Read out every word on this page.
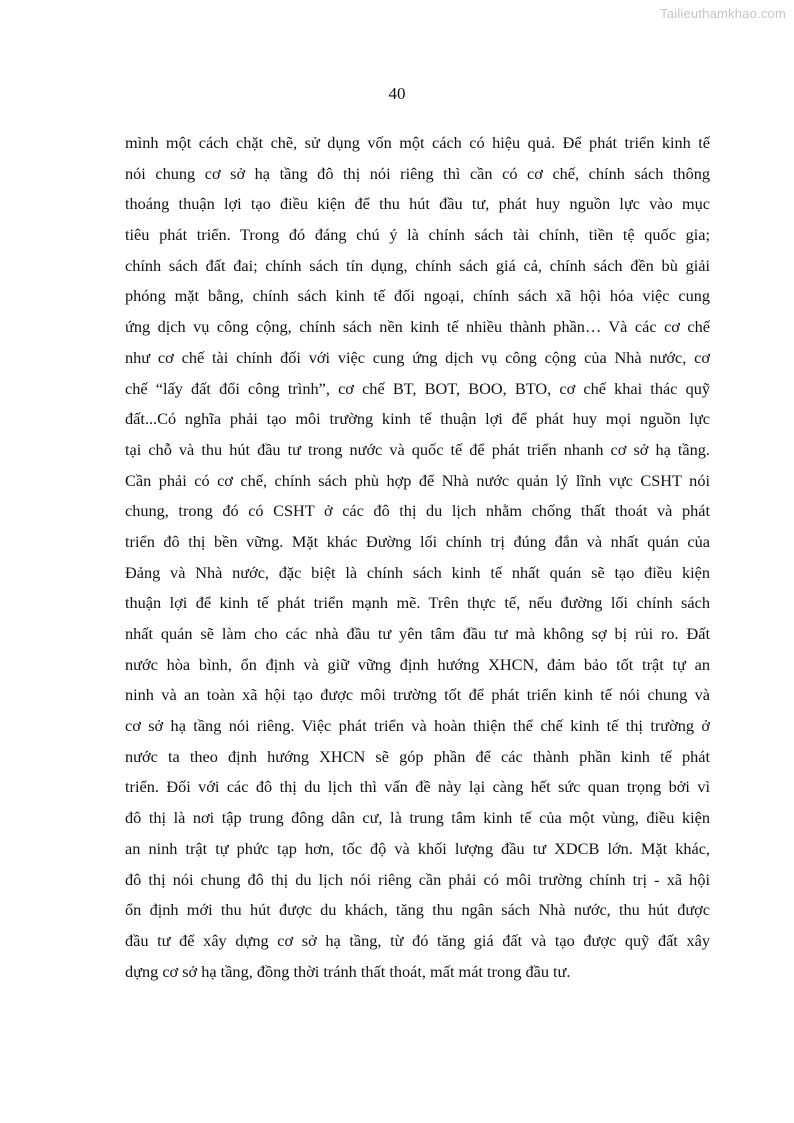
Tailieuthamkhao.com
40
mình một cách chặt chẽ, sử dụng vốn một cách có hiệu quả. Để phát triển kinh tế
nói chung cơ sở hạ tầng đô thị nói riêng thì cần có cơ chế, chính sách thông
thoáng thuận lợi tạo điều kiện để thu hút đầu tư, phát huy nguồn lực vào mục
tiêu phát triển. Trong đó đáng chú ý là chính sách tài chính, tiền tệ quốc gia;
chính sách đất đai; chính sách tín dụng, chính sách giá cả, chính sách đền bù giải
phóng mặt bằng, chính sách kinh tế đối ngoại, chính sách xã hội hóa việc cung
ứng dịch vụ công cộng, chính sách nền kinh tế nhiều thành phần… Và các cơ chế
như cơ chế tài chính đối với việc cung ứng dịch vụ công cộng của Nhà nước, cơ
chế “lấy đất đổi công trình”, cơ chế BT, BOT, BOO, BTO, cơ chế khai thác quỹ
đất...Có nghĩa phải tạo môi trường kinh tế thuận lợi để phát huy mọi nguồn lực
tại chỗ và thu hút đầu tư trong nước và quốc tế để phát triển nhanh cơ sở hạ tầng.
Cần phải có cơ chế, chính sách phù hợp để Nhà nước quản lý lĩnh vực CSHT nói
chung, trong đó có CSHT ở các đô thị du lịch nhằm chống thất thoát và phát
triển đô thị bền vững. Mặt khác Đường lối chính trị đúng đắn và nhất quán của
Đảng và Nhà nước, đặc biệt là chính sách kinh tế nhất quán sẽ tạo điều kiện
thuận lợi để kinh tế phát triển mạnh mẽ. Trên thực tế, nếu đường lối chính sách
nhất quán sẽ làm cho các nhà đầu tư yên tâm đầu tư mà không sợ bị rủi ro. Đất
nước hòa bình, ổn định và giữ vững định hướng XHCN, đảm bảo tốt trật tự an
ninh và an toàn xã hội tạo được môi trường tốt để phát triển kinh tế nói chung và
cơ sở hạ tầng nói riêng. Việc phát triển và hoàn thiện thể chế kinh tế thị trường ở
nước ta theo định hướng XHCN sẽ góp phần để các thành phần kinh tế phát
triển. Đối với các đô thị du lịch thì vấn đề này lại càng hết sức quan trọng bởi vì
đô thị là nơi tập trung đông dân cư, là trung tâm kinh tế của một vùng, điều kiện
an ninh trật tự phức tạp hơn, tốc độ và khối lượng đầu tư XDCB lớn. Mặt khác,
đô thị nói chung đô thị du lịch nói riêng cần phải có môi trường chính trị - xã hội
ổn định mới thu hút được du khách, tăng thu ngân sách Nhà nước, thu hút được
đầu tư để xây dựng cơ sở hạ tầng, từ đó tăng giá đất và tạo được quỹ đất xây
dựng cơ sở hạ tầng, đồng thời tránh thất thoát, mất mát trong đầu tư.
